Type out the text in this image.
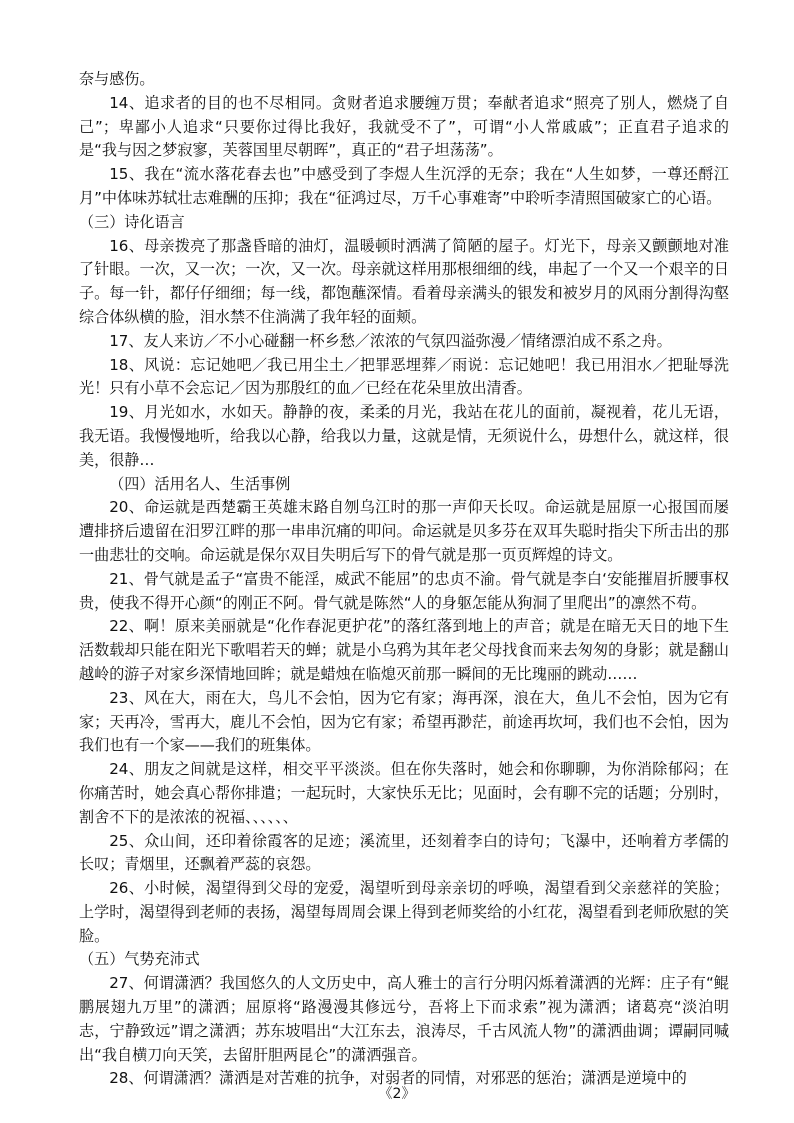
奈与感伤。

14、追求者的目的也不尽相同。贪财者追求腰缠万贯；奉献者追求“照亮了别人，燃烧了自己”；卑鄙小人追求“只要你过得比我好，我就受不了”，可谓“小人常戚戚”；正直君子追求的是“我与因之梦寂寥，芙蓉国里尽朝晖”，真正的“君子坦荡荡”。

15、我在“流水落花春去也”中感受到了李煜人生沉浮的无奈；我在“人生如梦，一尊还酹江月”中体味苏轼壮志难酬的压抑；我在“征鸿过尽，万千心事难寄”中聆听李清照国破家亡的心语。

（三）诗化语言

16、母亲拨亮了那盏昏暗的油灯，温暖顿时洒满了简陋的屋子。灯光下，母亲又颤颤地对准了针眼。一次，又一次；一次，又一次。母亲就这样用那根细细的线，串起了一个又一个艰辛的日子。每一针，都仔仔细细；每一线，都饱蘸深情。看着母亲满头的银发和被岁月的风雨分割得沟壑综合体纵横的脸，泪水禁不住淌满了我年轻的面颊。

17、友人来访／不小心碰翻一杯乡愁／浓浓的气氛四溢弥漫／情绪漂泊成不系之舟。

18、风说：忘记她吧／我已用尘土／把罪恶埋葬／雨说：忘记她吧！我已用泪水／把耻辱洗光！只有小草不会忘记／因为那殷红的血／已经在花朵里放出清香。

19、月光如水，水如天。静静的夜，柔柔的月光，我站在花儿的面前，凝视着，花儿无语，我无语。我慢慢地听，给我以心静，给我以力量，这就是情，无须说什么，毋想什么，就这样，很美，很静…

（四）活用名人、生活事例

20、命运就是西楚霸王英雄末路自刎乌江时的那一声仰天长叹。命运就是屈原一心报国而屡遭排挤后遗留在汨罗江畔的那一串串沉痛的叩问。命运就是贝多芬在双耳失聪时指尖下所击出的那一曲悲壮的交响。命运就是保尔双目失明后写下的骨气就是那一页页辉煌的诗文。

21、骨气就是孟子“富贵不能淫，威武不能屈”的忠贞不渝。骨气就是李白‘安能摧眉折腰事权贵，使我不得开心颜“的刚正不阿。骨气就是陈然“人的身躯怎能从狗洞了里爬出”的凛然不苟。

22、啊！原来美丽就是“化作春泥更护花”的落红落到地上的声音；就是在暗无天日的地下生活数载却只能在阳光下歌唱若天的蝉；就是小乌鸦为其年老父母找食而来去匆匆的身影；就是翻山越岭的游子对家乡深情地回眸；就是蜡烛在临熄灭前那一瞬间的无比瑰丽的跳动……

23、风在大，雨在大，鸟儿不会怕，因为它有家；海再深，浪在大，鱼儿不会怕，因为它有家；天再冷，雪再大，鹿儿不会怕，因为它有家；希望再渺茫，前途再坎坷，我们也不会怕，因为我们也有一个家——我们的班集体。

24、朋友之间就是这样，相交平平淡淡。但在你失落时，她会和你聊聊，为你消除郁闷；在你痛苦时，她会真心帮你排遣；一起玩时，大家快乐无比；见面时，会有聊不完的话题；分别时，割舍不下的是浓浓的祝福、、、、、、

25、众山间，还印着徐霞客的足迹；溪流里，还刻着李白的诗句；飞瀑中，还响着方孝儒的长叹；青烟里，还飘着严蕊的哀怨。

26、小时候，渴望得到父母的宠爱，渴望听到母亲亲切的呼唤，渴望看到父亲慈祥的笑脸；上学时，渴望得到老师的表扬，渴望每周周会课上得到老师奖给的小红花，渴望看到老师欣慰的笑脸。

（五）气势充沛式

27、何谓潇洒？我国悠久的人文历史中，高人雅士的言行分明闪烁着潇洒的光辉：庄子有“鲲鹏展翅九万里”的潇洒；屈原将“路漫漫其修远兮，吾将上下而求索”视为潇洒；诸葛亮“淡泊明志，宁静致远”谓之潇洒；苏东坡唱出“大江东去，浪涛尽，千古风流人物”的潇洒曲调；谭嗣同喊出“我自横刀向天笑，去留肝胆两昆仑”的潇洒强音。

28、何谓潇洒？潇洒是对苦难的抗争，对弱者的同情，对邪恶的惩治；潇洒是逆境中的

《2》
